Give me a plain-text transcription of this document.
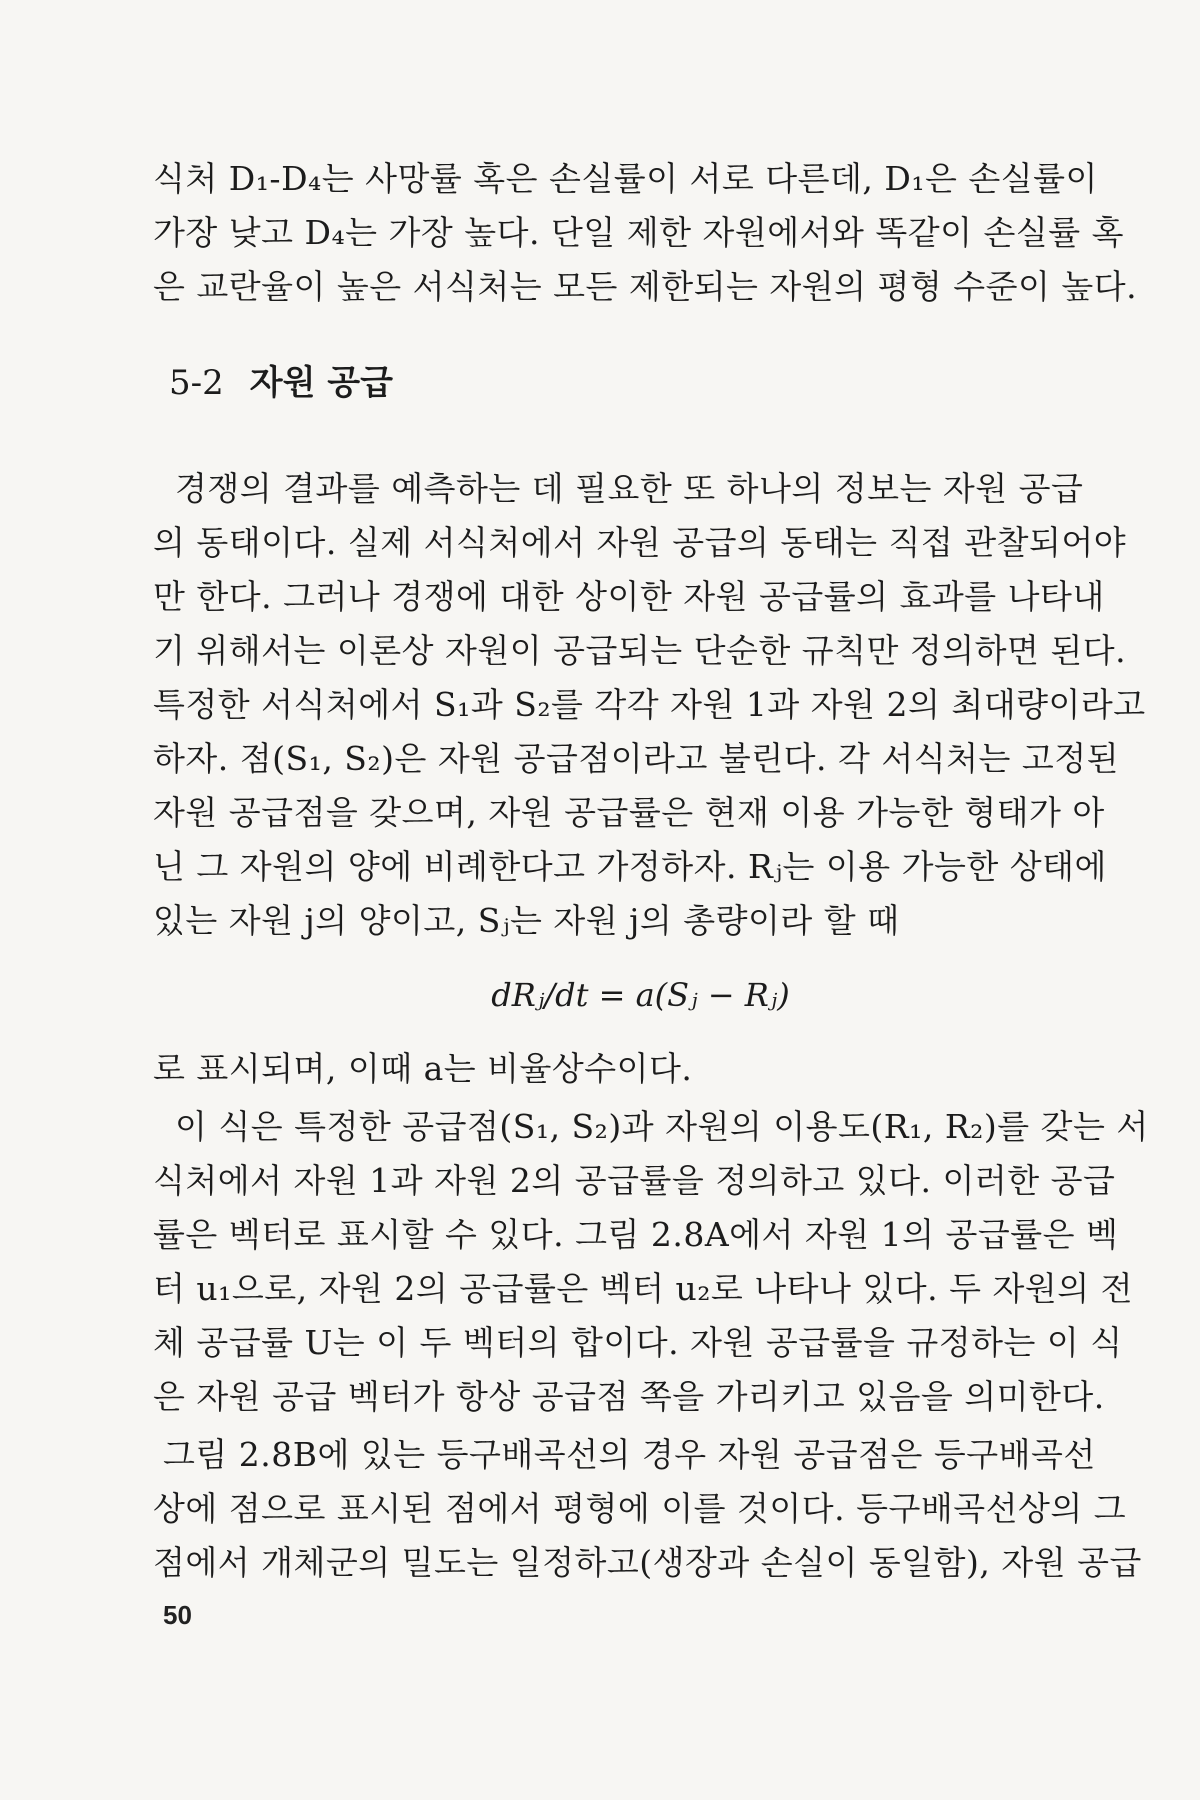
식처 D₁-D₄는 사망률 혹은 손실률이 서로 다른데, D₁은 손실률이
가장 낮고 D₄는 가장 높다. 단일 제한 자원에서와 똑같이 손실률 혹
은 교란율이 높은 서식처는 모든 제한되는 자원의 평형 수준이 높다.
5-2 자원 공급
경쟁의 결과를 예측하는 데 필요한 또 하나의 정보는 자원 공급
의 동태이다. 실제 서식처에서 자원 공급의 동태는 직접 관찰되어야
만 한다. 그러나 경쟁에 대한 상이한 자원 공급률의 효과를 나타내
기 위해서는 이론상 자원이 공급되는 단순한 규칙만 정의하면 된다.
특정한 서식처에서 S₁과 S₂를 각각 자원 1과 자원 2의 최대량이라고
하자. 점(S₁, S₂)은 자원 공급점이라고 불린다. 각 서식처는 고정된
자원 공급점을 갖으며, 자원 공급률은 현재 이용 가능한 형태가 아
닌 그 자원의 양에 비례한다고 가정하자. Rⱼ는 이용 가능한 상태에
있는 자원 j의 양이고, Sⱼ는 자원 j의 총량이라 할 때
dRⱼ/dt = a(Sⱼ − Rⱼ)
로 표시되며, 이때 a는 비율상수이다.
이 식은 특정한 공급점(S₁, S₂)과 자원의 이용도(R₁, R₂)를 갖는 서
식처에서 자원 1과 자원 2의 공급률을 정의하고 있다. 이러한 공급
률은 벡터로 표시할 수 있다. 그림 2.8A에서 자원 1의 공급률은 벡
터 u₁으로, 자원 2의 공급률은 벡터 u₂로 나타나 있다. 두 자원의 전
체 공급률 U는 이 두 벡터의 합이다. 자원 공급률을 규정하는 이 식
은 자원 공급 벡터가 항상 공급점 쪽을 가리키고 있음을 의미한다.
그림 2.8B에 있는 등구배곡선의 경우 자원 공급점은 등구배곡선
상에 점으로 표시된 점에서 평형에 이를 것이다. 등구배곡선상의 그
점에서 개체군의 밀도는 일정하고(생장과 손실이 동일함), 자원 공급
50
